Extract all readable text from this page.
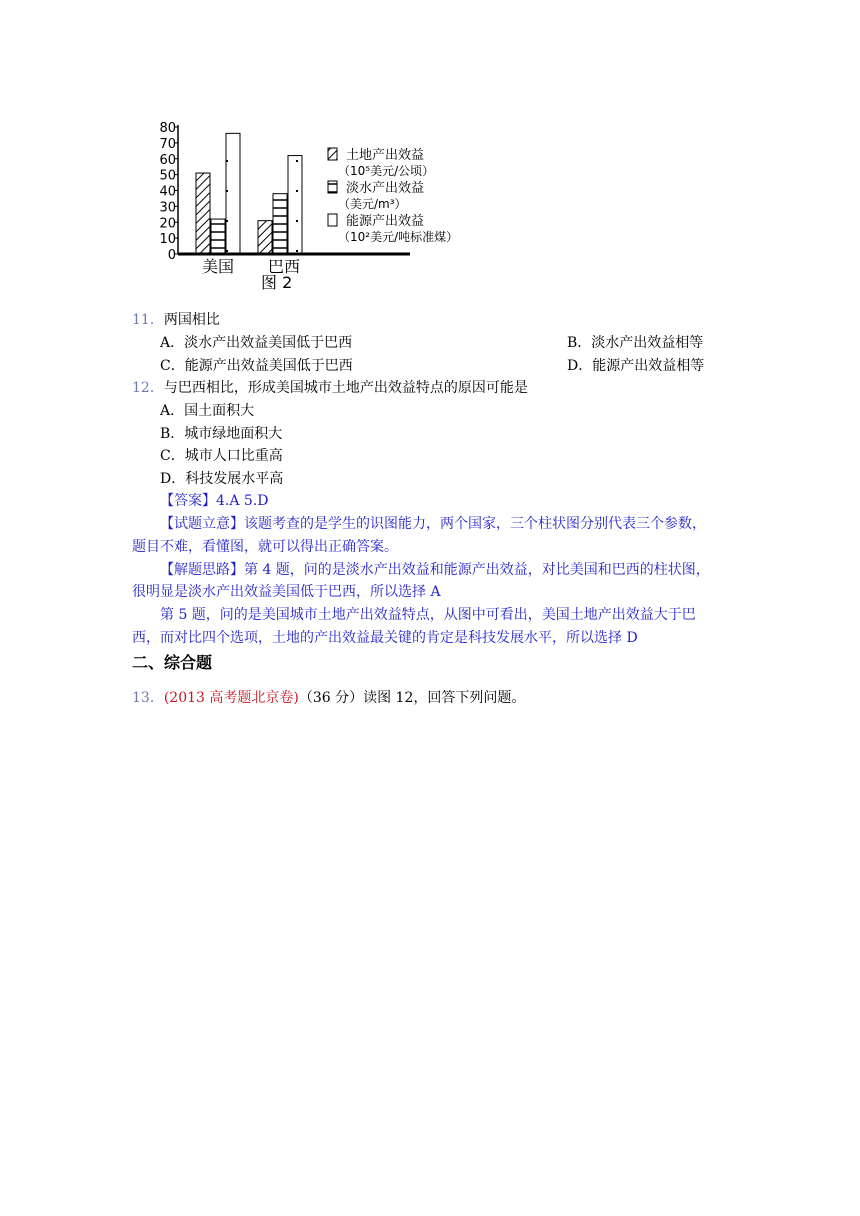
0
10
20
30
40
50
60
70
80
美国 巴西
土地产出效益
（10⁵美元/公顷）
淡水产出效益
（美元/m³）
能源产出效益
（10²美元/吨标准煤）
图 2
11．两国相比
A．淡水产出效益美国低于巴西	B．淡水产出效益相等
C．能源产出效益美国低于巴西	D．能源产出效益相等
12．与巴西相比，形成美国城市土地产出效益特点的原因可能是
A．国土面积大
B．城市绿地面积大
C．城市人口比重高
D．科技发展水平高
【答案】4.A 5.D
【试题立意】该题考查的是学生的识图能力，两个国家，三个柱状图分别代表三个参数，
题目不难，看懂图，就可以得出正确答案。
【解题思路】第 4 题，问的是淡水产出效益和能源产出效益，对比美国和巴西的柱状图，
很明显是淡水产出效益美国低于巴西，所以选择 A
第 5 题，问的是美国城市土地产出效益特点，从图中可看出，美国土地产出效益大于巴
西，而对比四个选项，土地的产出效益最关键的肯定是科技发展水平，所以选择 D
二、综合题
13．(2013 高考题北京卷)（36 分）读图 12，回答下列问题。
